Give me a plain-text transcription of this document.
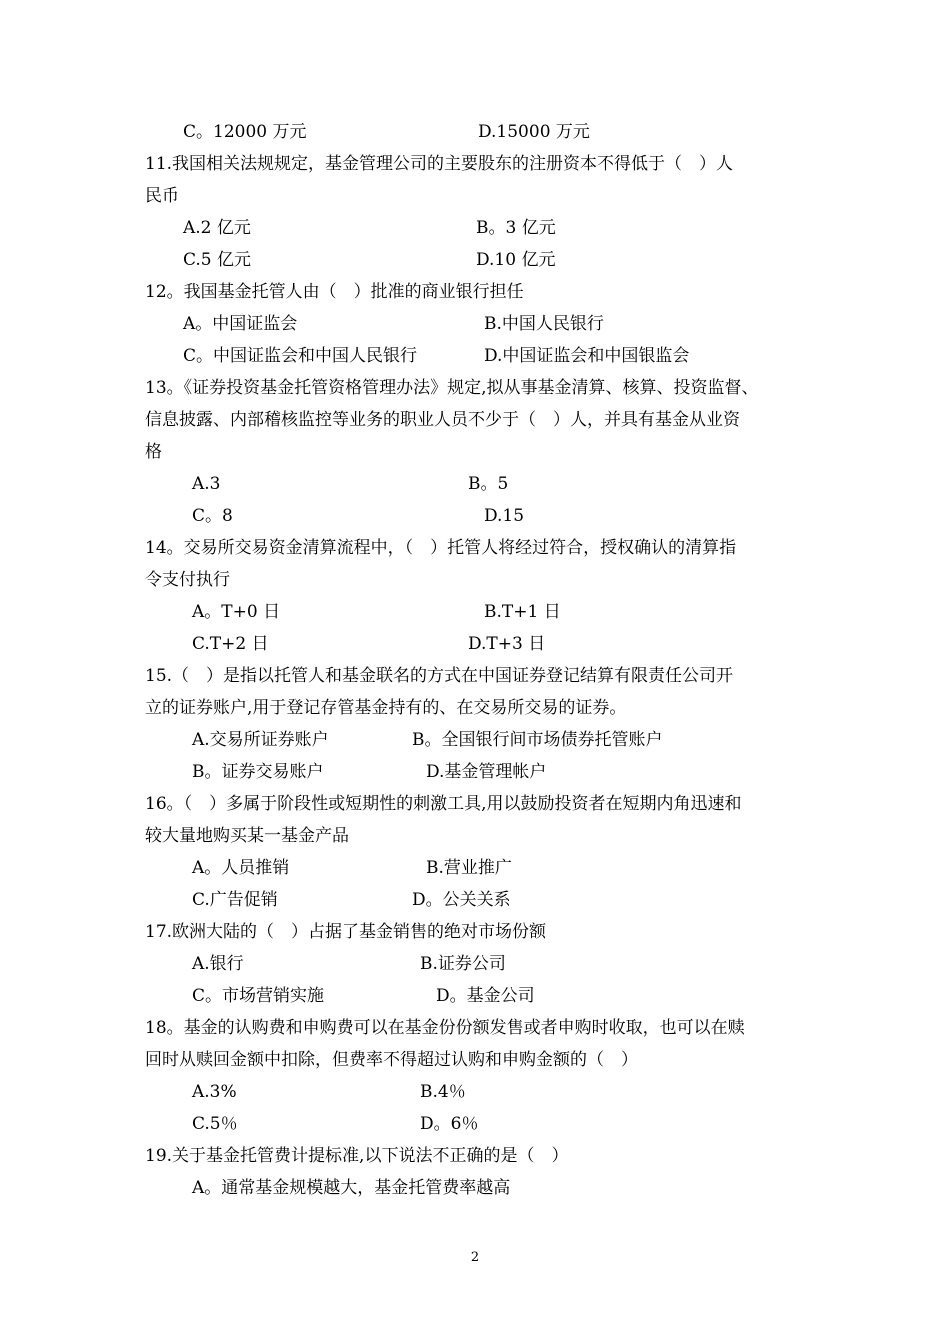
C。12000 万元	D.15000 万元
11.我国相关法规规定，基金管理公司的主要股东的注册资本不得低于（　）人
民币
A.2 亿元	B。3 亿元
C.5 亿元	D.10 亿元
12。我国基金托管人由（　）批准的商业银行担任
A。中国证监会	B.中国人民银行
C。中国证监会和中国人民银行	D.中国证监会和中国银监会
13。《证券投资基金托管资格管理办法》规定,拟从事基金清算、核算、投资监督、
信息披露、内部稽核监控等业务的职业人员不少于（　）人，并具有基金从业资
格
A.3	B。5
C。8	D.15
14。交易所交易资金清算流程中，（　）托管人将经过符合，授权确认的清算指
令支付执行
A。T+0 日	B.T+1 日
C.T+2 日	D.T+3 日
15.（　）是指以托管人和基金联名的方式在中国证券登记结算有限责任公司开
立的证券账户,用于登记存管基金持有的、在交易所交易的证券。
A.交易所证券账户	B。全国银行间市场债券托管账户
B。证券交易账户	D.基金管理帐户
16。（　）多属于阶段性或短期性的刺激工具,用以鼓励投资者在短期内角迅速和
较大量地购买某一基金产品
A。人员推销	B.营业推广
C.广告促销	D。公关关系
17.欧洲大陆的（　）占据了基金销售的绝对市场份额
A.银行	B.证券公司
C。市场营销实施	D。基金公司
18。基金的认购费和申购费可以在基金份份额发售或者申购时收取，也可以在赎
回时从赎回金额中扣除，但费率不得超过认购和申购金额的（　）
A.3%	B.4％
C.5％	D。6％
19.关于基金托管费计提标准,以下说法不正确的是（　）
A。通常基金规模越大，基金托管费率越高
2
